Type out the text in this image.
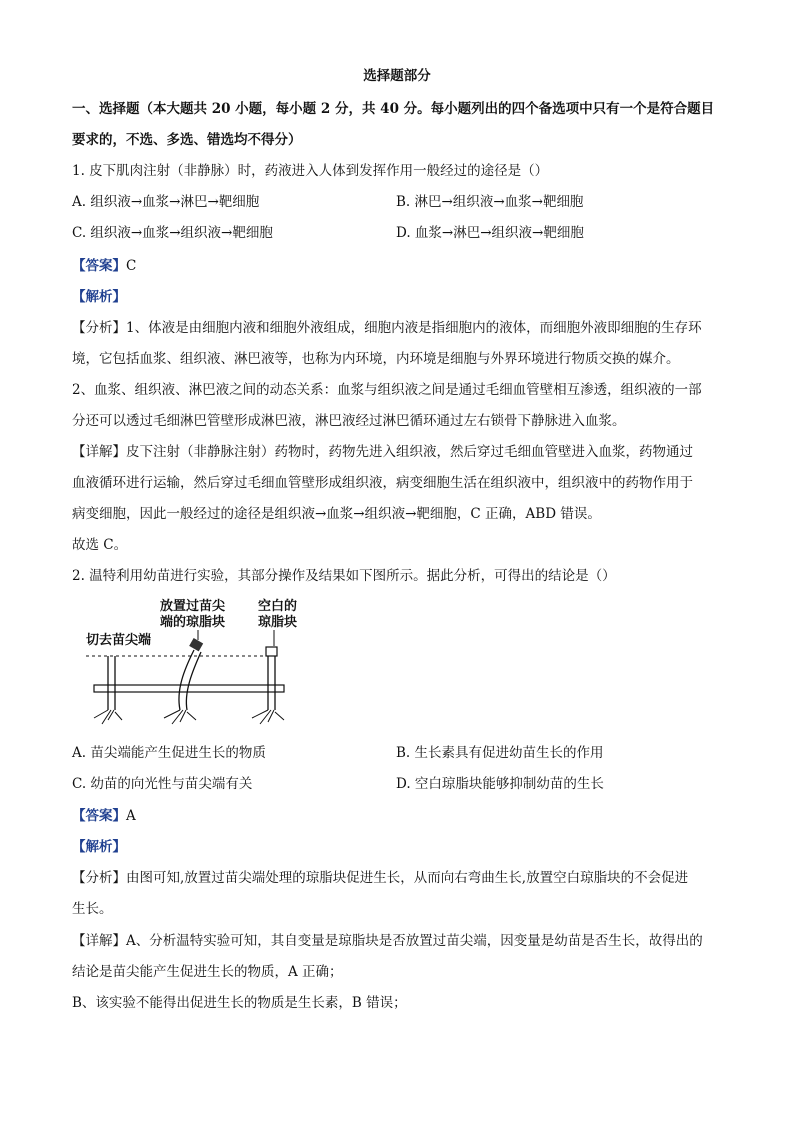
选择题部分
一、选择题（本大题共 20 小题，每小题 2 分，共 40 分。每小题列出的四个备选项中只有一个是符合题目
要求的，不选、多选、错选均不得分）
1. 皮下肌肉注射（非静脉）时，药液进入人体到发挥作用一般经过的途径是（）
A. 组织液→血浆→淋巴→靶细胞	B. 淋巴→组织液→血浆→靶细胞
C. 组织液→血浆→组织液→靶细胞	D. 血浆→淋巴→组织液→靶细胞
【答案】C
【解析】
【分析】1、体液是由细胞内液和细胞外液组成，细胞内液是指细胞内的液体，而细胞外液即细胞的生存环
境，它包括血浆、组织液、淋巴液等，也称为内环境，内环境是细胞与外界环境进行物质交换的媒介。
2、血浆、组织液、淋巴液之间的动态关系：血浆与组织液之间是通过毛细血管壁相互渗透，组织液的一部
分还可以透过毛细淋巴管壁形成淋巴液，淋巴液经过淋巴循环通过左右锁骨下静脉进入血浆。
【详解】皮下注射（非静脉注射）药物时，药物先进入组织液，然后穿过毛细血管壁进入血浆，药物通过
血液循环进行运输，然后穿过毛细血管壁形成组织液，病变细胞生活在组织液中，组织液中的药物作用于
病变细胞，因此一般经过的途径是组织液→血浆→组织液→靶细胞，C 正确，ABD 错误。
故选 C。
2. 温特利用幼苗进行实验，其部分操作及结果如下图所示。据此分析，可得出的结论是（）
切去苗尖端
放置过苗尖
端的琼脂块
空白的
琼脂块
A. 苗尖端能产生促进生长的物质	B. 生长素具有促进幼苗生长的作用
C. 幼苗的向光性与苗尖端有关	D. 空白琼脂块能够抑制幼苗的生长
【答案】A
【解析】
【分析】由图可知,放置过苗尖端处理的琼脂块促进生长，从而向右弯曲生长,放置空白琼脂块的不会促进
生长。
【详解】A、分析温特实验可知，其自变量是琼脂块是否放置过苗尖端，因变量是幼苗是否生长，故得出的
结论是苗尖能产生促进生长的物质，A 正确；
B、该实验不能得出促进生长的物质是生长素，B 错误；
